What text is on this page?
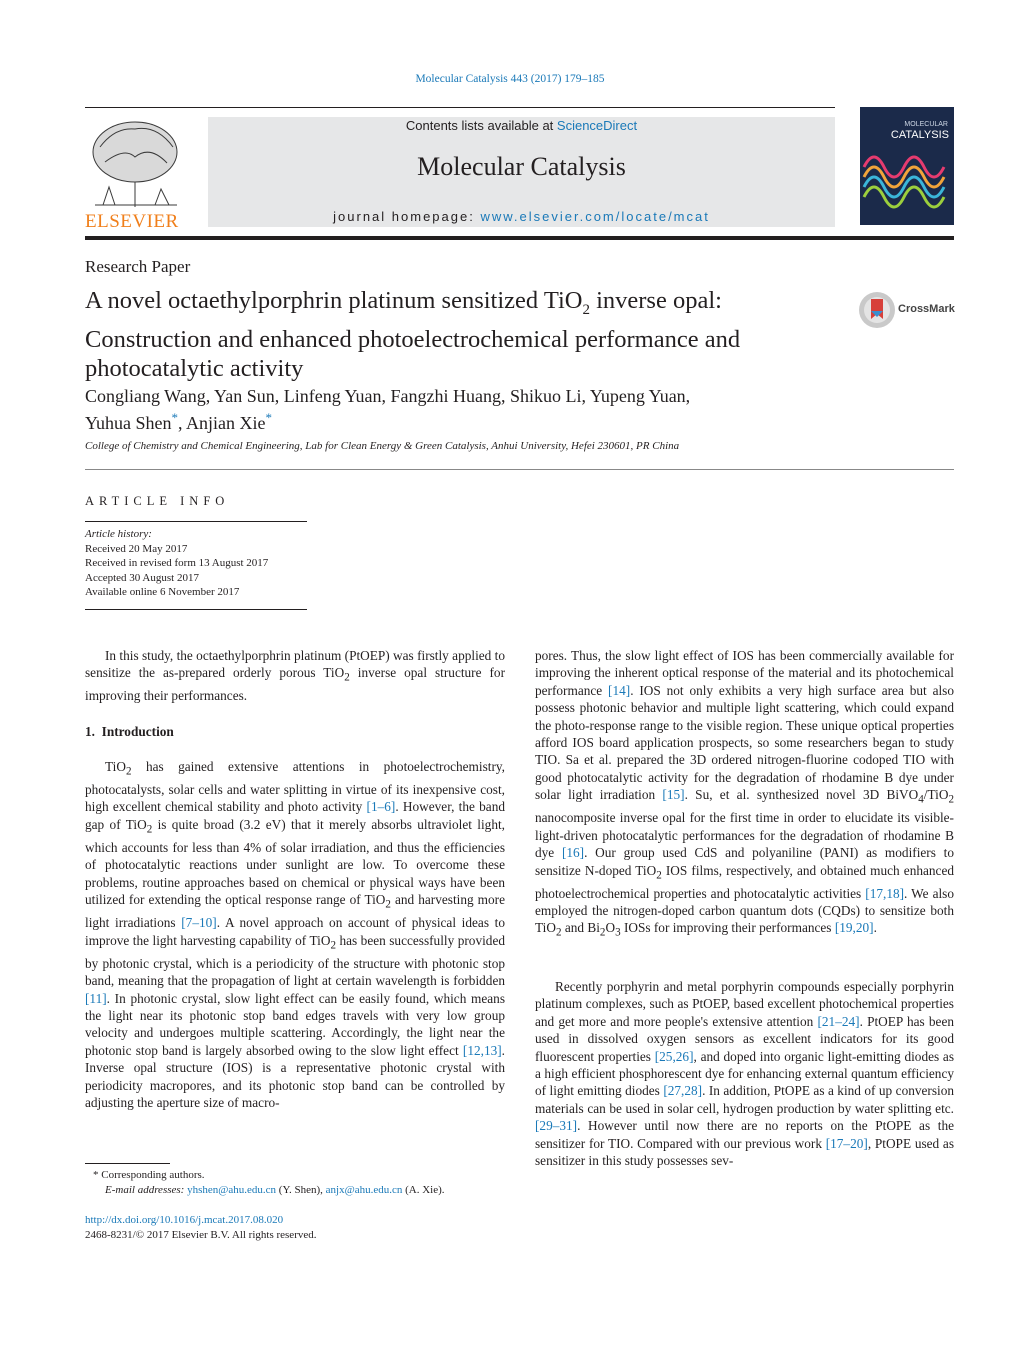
Molecular Catalysis 443 (2017) 179–185
ELSEVIER
Contents lists available at ScienceDirect
Molecular Catalysis
journal homepage: www.elsevier.com/locate/mcat
MOLECULAR
CATALYSIS
Research Paper
A novel octaethylporphrin platinum sensitized TiO$_2$ inverse opal: Construction and enhanced photoelectrochemical performance and photocatalytic activity
CrossMark
Congliang Wang, Yan Sun, Linfeng Yuan, Fangzhi Huang, Shikuo Li, Yupeng Yuan,
Yuhua Shen*, Anjian Xie*
College of Chemistry and Chemical Engineering, Lab for Clean Energy & Green Catalysis, Anhui University, Hefei 230601, PR China
ARTICLE INFO
Article history:
Received 20 May 2017
Received in revised form 13 August 2017
Accepted 30 August 2017
Available online 6 November 2017

In this study, the octaethylporphrin platinum (PtOEP) was firstly applied to sensitize the as-prepared orderly porous TiO$_2$ inverse opal structure for improving their performances.

1. Introduction

TiO$_2$ has gained extensive attentions in photoelectrochemistry, photocatalysts, solar cells and water splitting in virtue of its inexpensive cost, high excellent chemical stability and photo activity [1–6]. However, the band gap of TiO$_2$ is quite broad (3.2 eV) that it merely absorbs ultraviolet light, which accounts for less than 4% of solar irradiation, and thus the efficiencies of photocatalytic reactions under sunlight are low. To overcome these problems, routine approaches based on chemical or physical ways have been utilized for extending the optical response range of TiO$_2$ and harvesting more light irradiations [7–10]. A novel approach on account of physical ideas to improve the light harvesting capability of TiO$_2$ has been successfully provided by photonic crystal, which is a periodicity of the structure with photonic stop band, meaning that the propagation of light at certain wavelength is forbidden [11]. In photonic crystal, slow light effect can be easily found, which means the light near its photonic stop band edges travels with very low group velocity and undergoes multiple scattering. Accordingly, the light near the photonic stop band is largely absorbed owing to the slow light effect [12,13]. Inverse opal structure (IOS) is a representative photonic crystal with periodicity macropores, and its photonic stop band can be controlled by adjusting the aperture size of macro-

pores. Thus, the slow light effect of IOS has been commercially available for improving the inherent optical response of the material and its photochemical performance [14]. IOS not only exhibits a very high surface area but also possess photonic behavior and multiple light scattering, which could expand the photo-response range to the visible region. These unique optical properties afford IOS board application prospects, so some researchers began to study TIO. Sa et al. prepared the 3D ordered nitrogen-fluorine codoped TIO with good photocatalytic activity for the degradation of rhodamine B dye under solar light irradiation [15]. Su, et al. synthesized novel 3D BiVO$_4$/TiO$_2$ nanocomposite inverse opal for the first time in order to elucidate its visible-light-driven photocatalytic performances for the degradation of rhodamine B dye [16]. Our group used CdS and polyaniline (PANI) as modifiers to sensitize N-doped TiO$_2$ IOS films, respectively, and obtained much enhanced photoelectrochemical properties and photocatalytic activities [17,18]. We also employed the nitrogen-doped carbon quantum dots (CQDs) to sensitize both TiO$_2$ and $Bi_2O_3$ IOSs for improving their performances [19,20].

Recently porphyrin and metal porphyrin compounds especially porphyrin platinum complexes, such as PtOEP, based excellent photochemical properties and get more and more people's extensive attention [21–24]. PtOEP has been used in dissolved oxygen sensors as excellent indicators for its good fluorescent properties [25,26], and doped into organic light-emitting diodes as a high efficient phosphorescent dye for enhancing external quantum efficiency of light emitting diodes [27,28]. In addition, PtOPE as a kind of up conversion materials can be used in solar cell, hydrogen production by water splitting etc. [29–31]. However until now there are no reports on the PtOPE as the sensitizer for TIO. Compared with our previous work [17–20], PtOPE used as sensitizer in this study possesses sev-

* Corresponding authors.
E-mail addresses: yhshen@ahu.edu.cn (Y. Shen), anjx@ahu.edu.cn (A. Xie).
http://dx.doi.org/10.1016/j.mcat.2017.08.020
2468-8231/© 2017 Elsevier B.V. All rights reserved.
